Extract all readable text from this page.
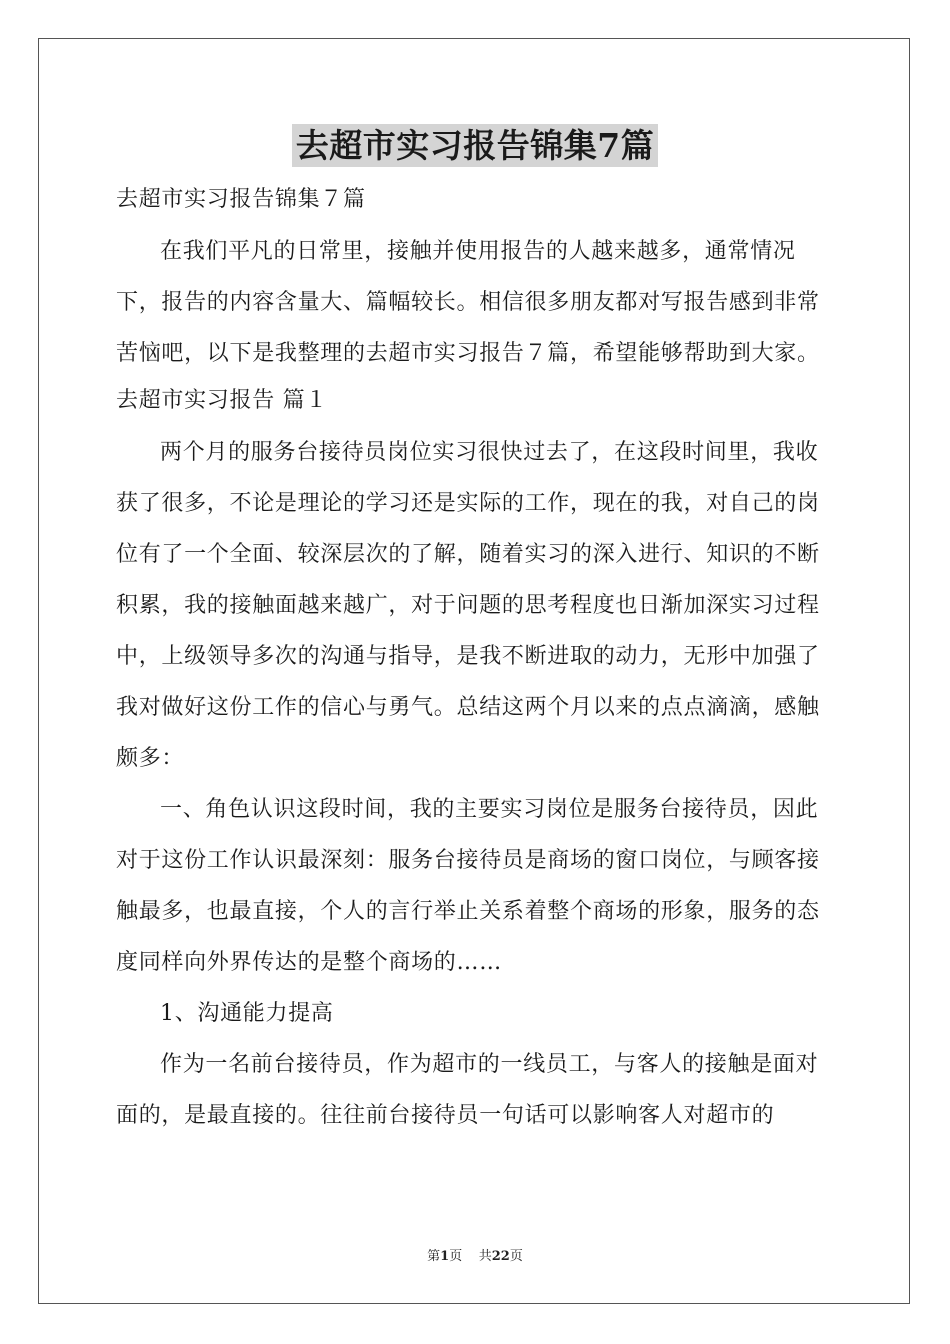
去超市实习报告锦集7篇

去超市实习报告锦集７篇

在我们平凡的日常里，接触并使用报告的人越来越多，通常情况下，报告的内容含量大、篇幅较长。相信很多朋友都对写报告感到非常苦恼吧，以下是我整理的去超市实习报告７篇，希望能够帮助到大家。

去超市实习报告 篇１

两个月的服务台接待员岗位实习很快过去了，在这段时间里，我收获了很多，不论是理论的学习还是实际的工作，现在的我，对自己的岗位有了一个全面、较深层次的了解，随着实习的深入进行、知识的不断积累，我的接触面越来越广，对于问题的思考程度也日渐加深实习过程中，上级领导多次的沟通与指导，是我不断进取的动力，无形中加强了我对做好这份工作的信心与勇气。总结这两个月以来的点点滴滴，感触颇多：

一、角色认识这段时间，我的主要实习岗位是服务台接待员，因此对于这份工作认识最深刻：服务台接待员是商场的窗口岗位，与顾客接触最多，也最直接，个人的言行举止关系着整个商场的形象，服务的态度同样向外界传达的是整个商场的……

1、沟通能力提高

作为一名前台接待员，作为超市的一线员工，与客人的接触是面对面的，是最直接的。往往前台接待员一句话可以影响客人对超市的

第1页 共22页
